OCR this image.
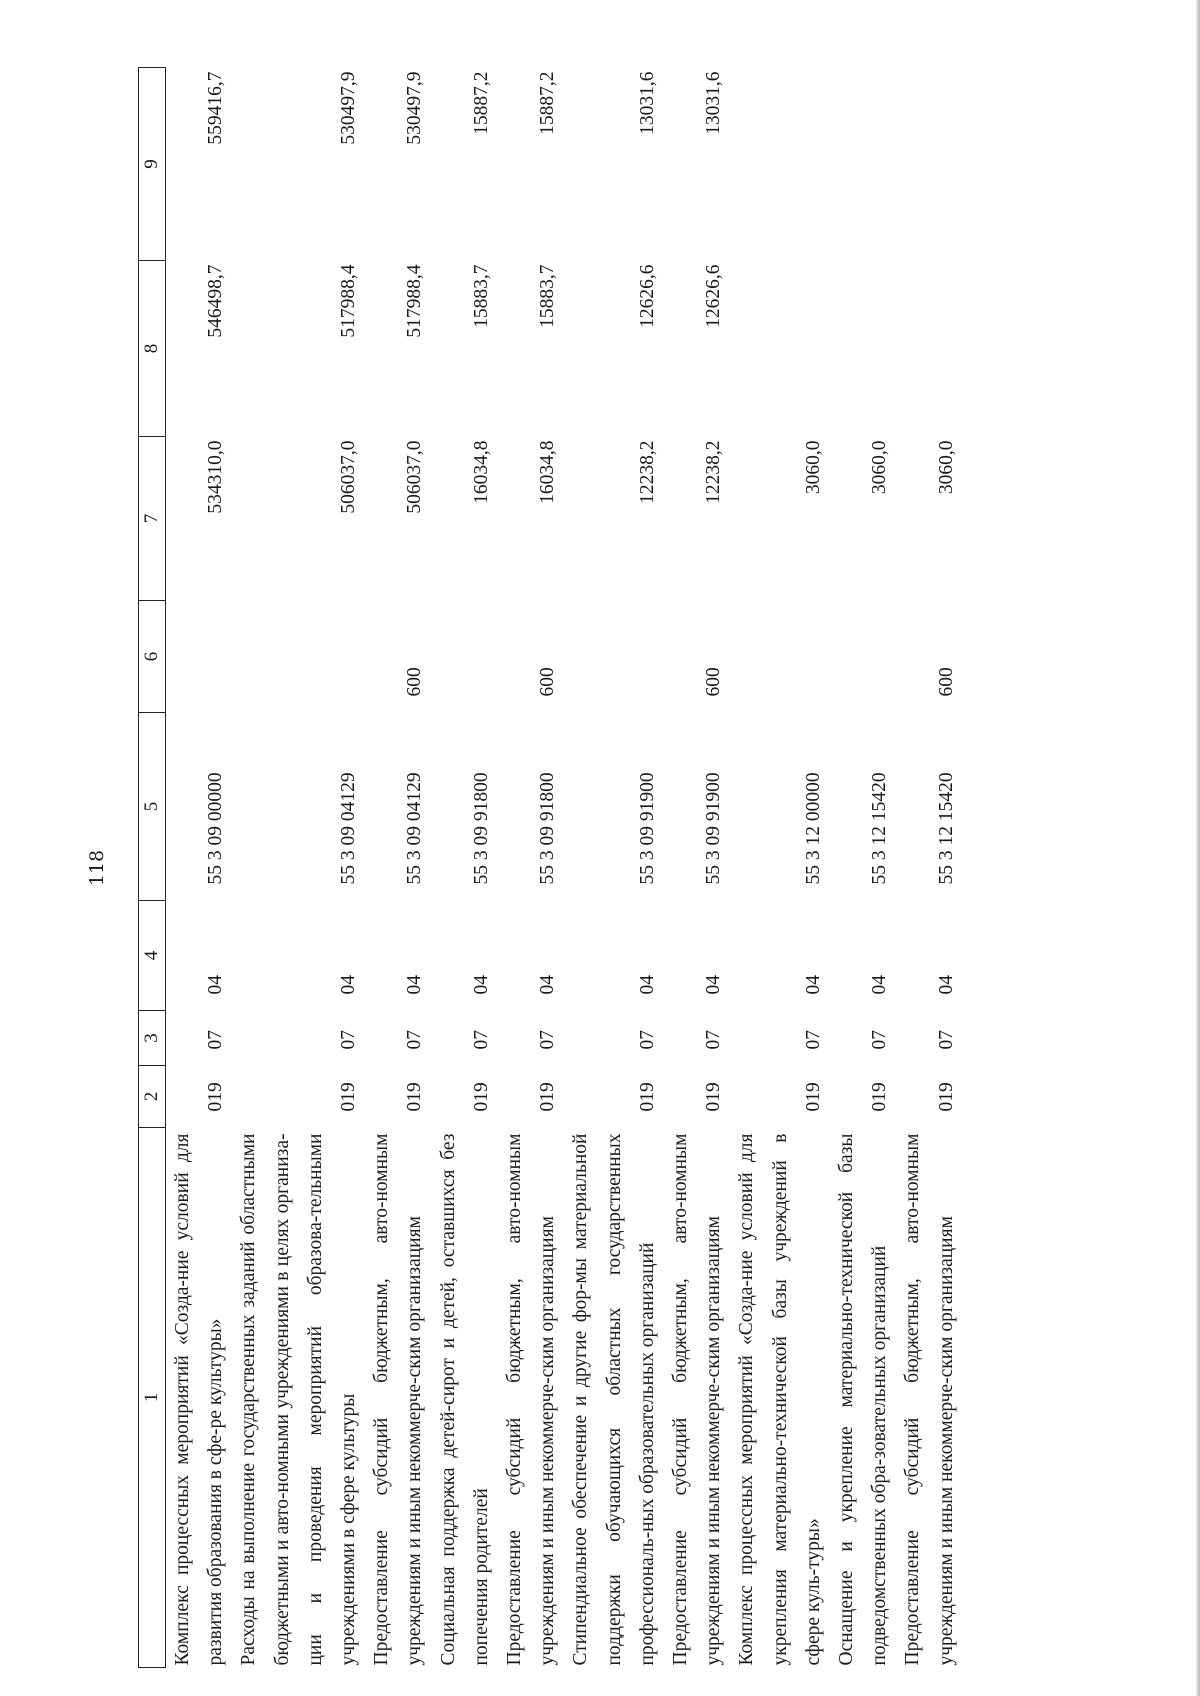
118
1	2	3	4	5	6	7	8	9
Комплекс процессных мероприятий «Созда-ние условий для развития образования в сфе-ре культуры»	019	07	04	55 3 09 00000		534310,0	546498,7	559416,7
Расходы на выполнение государственных заданий областными бюджетными и авто-номными учреждениями в целях организа-ции и проведения мероприятий образова-тельными учреждениями в сфере культуры	019	07	04	55 3 09 04129		506037,0	517988,4	530497,9
Предоставление субсидий бюджетным, авто-номным учреждениям и иным некоммерче-ским организациям	019	07	04	55 3 09 04129	600	506037,0	517988,4	530497,9
Социальная поддержка детей-сирот и детей, оставшихся без попечения родителей	019	07	04	55 3 09 91800		16034,8	15883,7	15887,2
Предоставление субсидий бюджетным, авто-номным учреждениям и иным некоммерче-ским организациям	019	07	04	55 3 09 91800	600	16034,8	15883,7	15887,2
Стипендиальное обеспечение и другие фор-мы материальной поддержки обучающихся областных государственных профессиональ-ных образовательных организаций	019	07	04	55 3 09 91900		12238,2	12626,6	13031,6
Предоставление субсидий бюджетным, авто-номным учреждениям и иным некоммерче-ским организациям	019	07	04	55 3 09 91900	600	12238,2	12626,6	13031,6
Комплекс процессных мероприятий «Созда-ние условий для укрепления материально-технической базы учреждений в сфере куль-туры»	019	07	04	55 3 12 00000		3060,0		
Оснащение и укрепление материально-технической базы подведомственных обра-зовательных организаций	019	07	04	55 3 12 15420		3060,0		
Предоставление субсидий бюджетным, авто-номным учреждениям и иным некоммерче-ским организациям	019	07	04	55 3 12 15420	600	3060,0		
